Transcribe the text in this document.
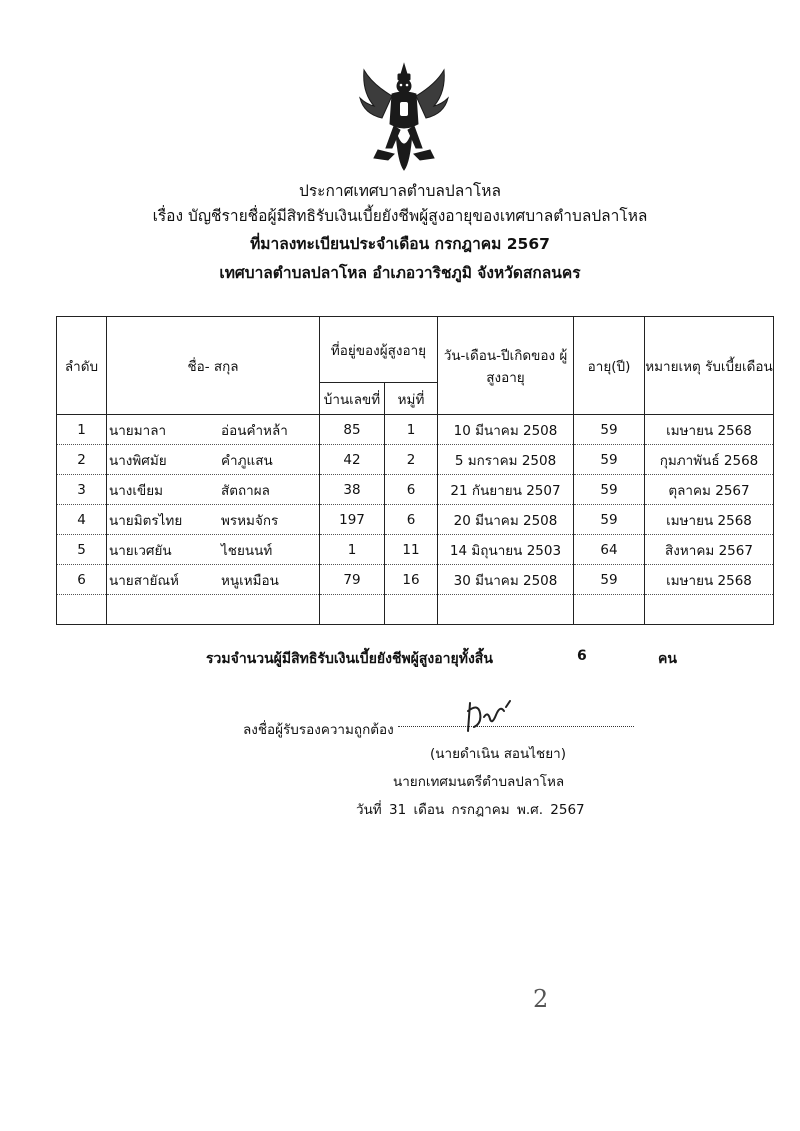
ประกาศเทศบาลตำบลปลาโหล
เรื่อง บัญชีรายชื่อผู้มีสิทธิรับเงินเบี้ยยังชีพผู้สูงอายุของเทศบาลตำบลปลาโหล
ที่มาลงทะเบียนประจำเดือน กรกฎาคม 2567
เทศบาลตำบลปลาโหล อำเภอวาริชภูมิ จังหวัดสกลนคร
ลำดับ	ชื่อ- สกุล	ที่อยู่ของผู้สูงอายุ		วัน-เดือน-ปีเกิดของ ผู้สูงอายุ	อายุ(ปี)	หมายเหตุ รับเบี้ยเดือน
		บ้านเลขที่	หมู่ที่			
1	นายมาลา อ่อนคำหล้า	85	1	10 มีนาคม 2508	59	เมษายน 2568
2	นางพิศมัย คำภูแสน	42	2	5 มกราคม 2508	59	กุมภาพันธ์ 2568
3	นางเขียม สัตถาผล	38	6	21 กันยายน 2507	59	ตุลาคม 2567
4	นายมิตรไทย พรหมจักร	197	6	20 มีนาคม 2508	59	เมษายน 2568
5	นายเวศยัน ไชยนนท์	1	11	14 มิถุนายน 2503	64	สิงหาคม 2567
6	นายสายัณห์ หนูเหมือน	79	16	30 มีนาคม 2508	59	เมษายน 2568

รวมจำนวนผู้มีสิทธิรับเงินเบี้ยยังชีพผู้สูงอายุทั้งสิ้น	6	คน
ลงชื่อผู้รับรองความถูกต้อง
(นายดำเนิน สอนไชยา)
นายกเทศมนตรีตำบลปลาโหล
วันที่ 31 เดือน กรกฎาคม พ.ศ. 2567
2
